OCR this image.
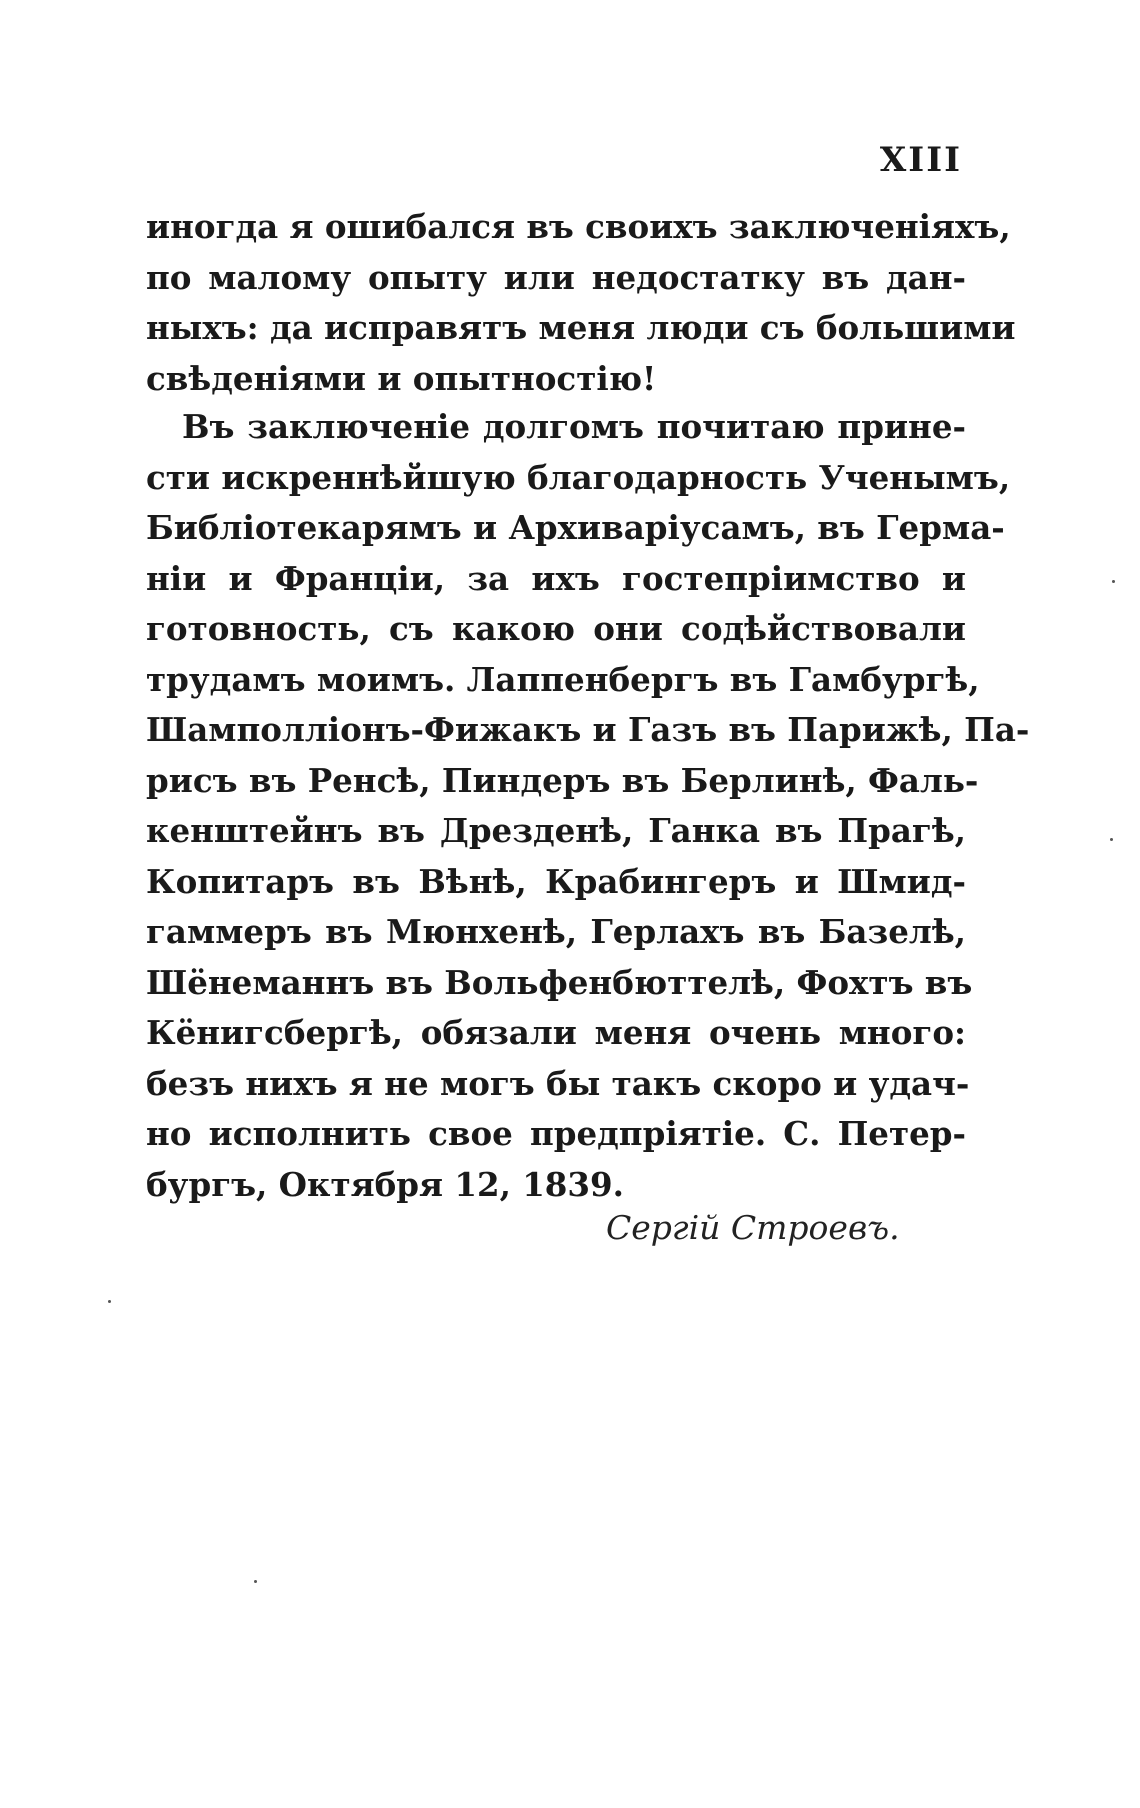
XIII
иногда я ошибался въ своихъ заключеніяхъ,
по малому опыту или недостатку въ дан-
ныхъ: да исправятъ меня люди съ большими
свѣденіями и опытностію!
Въ заключеніе долгомъ почитаю прине-
сти искреннѣйшую благодарность Ученымъ,
Библіотекарямъ и Архиваріусамъ, въ Герма-
ніи и Франціи, за ихъ гостепріимство и
готовность, съ какою они содѣйствовали
трудамъ моимъ. Лаппенбергъ въ Гамбургѣ,
Шамполліонъ-Фижакъ и Газъ въ Парижѣ, Па-
рисъ въ Ренсѣ, Пиндеръ въ Берлинѣ, Фаль-
кенштейнъ въ Дрезденѣ, Ганка въ Прагѣ,
Копитаръ въ Вѣнѣ, Крабингеръ и Шмид-
гаммеръ въ Мюнхенѣ, Герлахъ въ Базелѣ,
Шёнеманнъ въ Вольфенбюттелѣ, Фохтъ въ
Кёнигсбергѣ, обязали меня очень много:
безъ нихъ я не могъ бы такъ скоро и удач-
но исполнить свое предпріятіе. С. Петер-
бургъ, Октября 12, 1839.
Сергій Строевъ.
